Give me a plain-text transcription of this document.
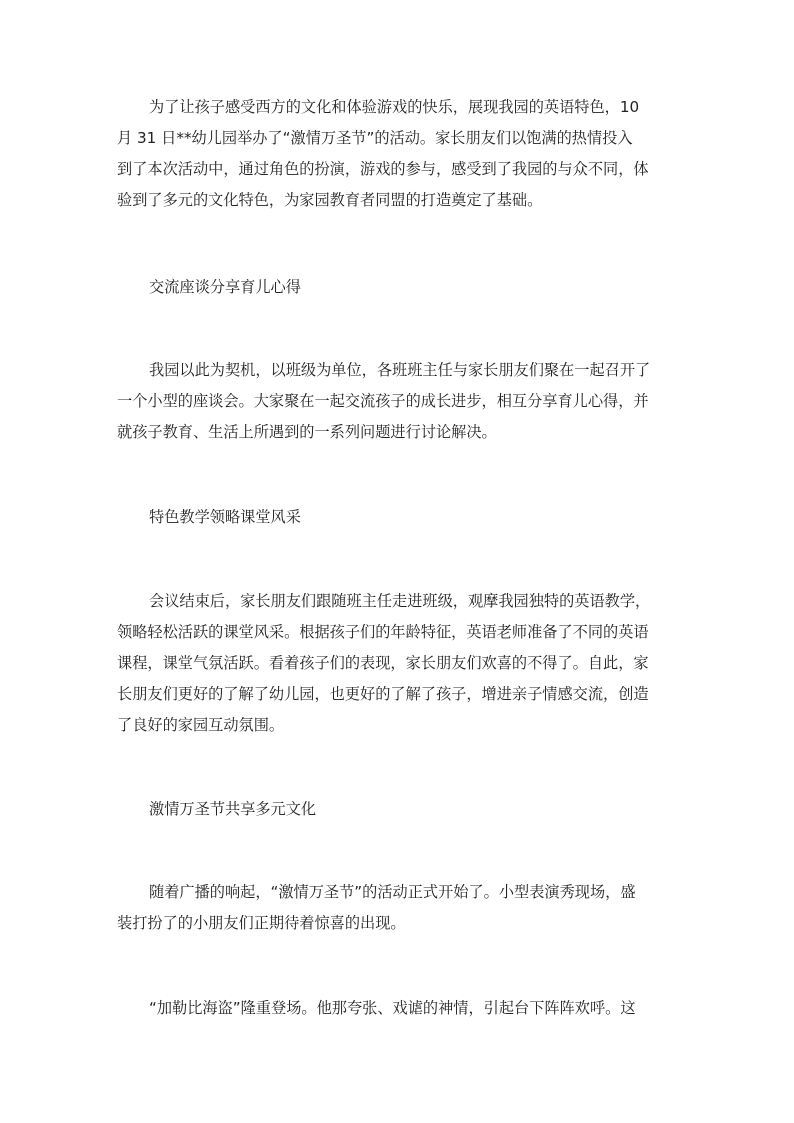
为了让孩子感受西方的文化和体验游戏的快乐，展现我园的英语特色，10
月 31 日**幼儿园举办了“激情万圣节”的活动。家长朋友们以饱满的热情投入
到了本次活动中，通过角色的扮演，游戏的参与，感受到了我园的与众不同，体
验到了多元的文化特色，为家园教育者同盟的打造奠定了基础。
交流座谈分享育儿心得
我园以此为契机，以班级为单位，各班班主任与家长朋友们聚在一起召开了
一个小型的座谈会。大家聚在一起交流孩子的成长进步，相互分享育儿心得，并
就孩子教育、生活上所遇到的一系列问题进行讨论解决。
特色教学领略课堂风采
会议结束后，家长朋友们跟随班主任走进班级，观摩我园独特的英语教学，
领略轻松活跃的课堂风采。根据孩子们的年龄特征，英语老师准备了不同的英语
课程，课堂气氛活跃。看着孩子们的表现，家长朋友们欢喜的不得了。自此，家
长朋友们更好的了解了幼儿园，也更好的了解了孩子，增进亲子情感交流，创造
了良好的家园互动氛围。
激情万圣节共享多元文化
随着广播的响起，“激情万圣节”的活动正式开始了。小型表演秀现场，盛
装打扮了的小朋友们正期待着惊喜的出现。
“加勒比海盗”隆重登场。他那夸张、戏谑的神情，引起台下阵阵欢呼。这
